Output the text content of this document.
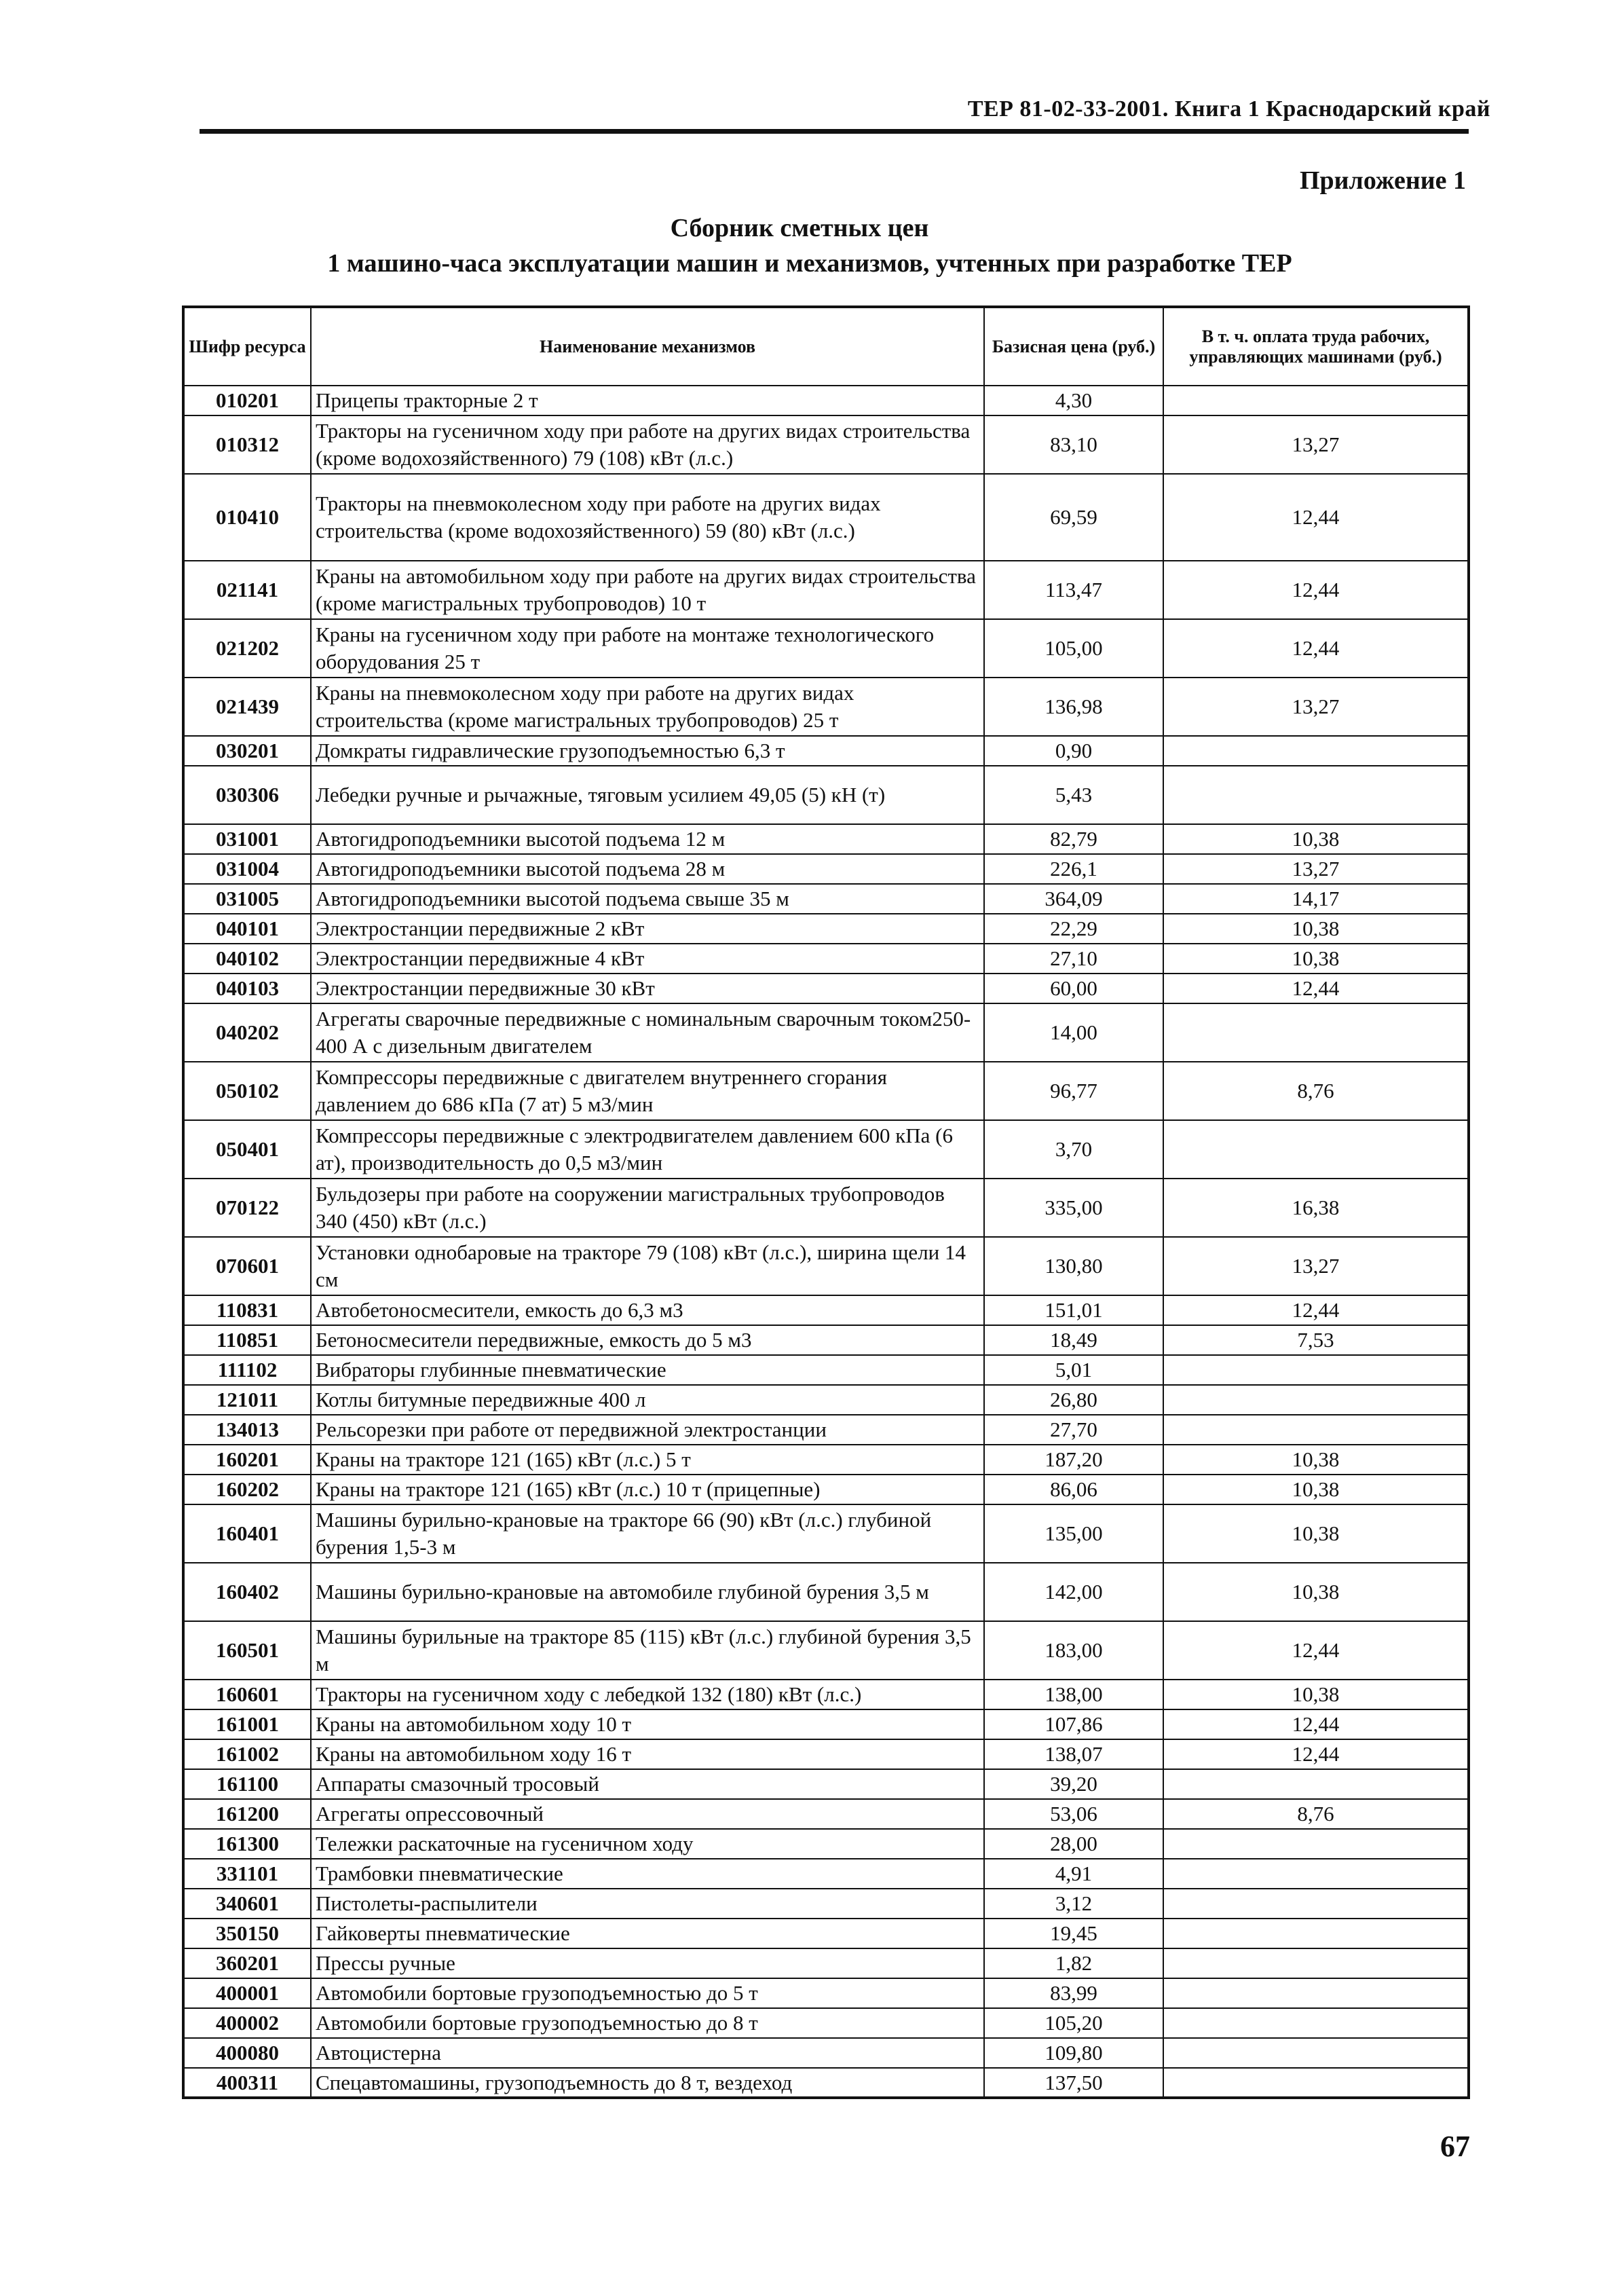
ТЕР 81-02-33-2001. Книга 1 Краснодарский край
Приложение 1
Сборник сметных цен
1 машино-часа эксплуатации машин и механизмов, учтенных при разработке ТЕР
Шифр ресурса	Наименование механизмов	Базисная цена (руб.)	В т. ч. оплата труда рабочих, управляющих машинами (руб.)
010201	Прицепы тракторные 2 т	4,30	
010312	Тракторы на гусеничном ходу при работе на других видах строительства (кроме водохозяйственного) 79 (108) кВт (л.с.)	83,10	13,27
010410	Тракторы на пневмоколесном ходу при работе на других видах строительства (кроме водохозяйственного) 59 (80) кВт (л.с.)	69,59	12,44
021141	Краны на автомобильном ходу при работе на других видах строительства (кроме магистральных трубопроводов) 10 т	113,47	12,44
021202	Краны на гусеничном ходу при работе на монтаже технологического оборудования 25 т	105,00	12,44
021439	Краны на пневмоколесном ходу при работе на других видах строительства (кроме магистральных трубопроводов) 25 т	136,98	13,27
030201	Домкраты гидравлические грузоподъемностью 6,3 т	0,90	
030306	Лебедки ручные и рычажные, тяговым усилием 49,05 (5) кН (т)	5,43	
031001	Автогидроподъемники высотой подъема 12 м	82,79	10,38
031004	Автогидроподъемники высотой подъема 28 м	226,1	13,27
031005	Автогидроподъемники высотой подъема свыше 35 м	364,09	14,17
040101	Электростанции передвижные 2 кВт	22,29	10,38
040102	Электростанции передвижные 4 кВт	27,10	10,38
040103	Электростанции передвижные 30 кВт	60,00	12,44
040202	Агрегаты сварочные передвижные с номинальным сварочным током250-400 А с дизельным двигателем	14,00	
050102	Компрессоры передвижные с двигателем внутреннего сгорания давлением до 686 кПа (7 ат) 5 м3/мин	96,77	8,76
050401	Компрессоры передвижные с электродвигателем давлением 600 кПа (6 ат), производительность до 0,5 м3/мин	3,70	
070122	Бульдозеры при работе на сооружении магистральных трубопроводов 340 (450) кВт (л.с.)	335,00	16,38
070601	Установки однобаровые на тракторе 79 (108) кВт (л.с.), ширина щели 14 см	130,80	13,27
110831	Автобетоносмесители, емкость до 6,3 м3	151,01	12,44
110851	Бетоносмесители передвижные, емкость до 5 м3	18,49	7,53
111102	Вибраторы глубинные пневматические	5,01	
121011	Котлы битумные передвижные 400 л	26,80	
134013	Рельсорезки при работе от передвижной электростанции	27,70	
160201	Краны на тракторе 121 (165) кВт (л.с.) 5 т	187,20	10,38
160202	Краны на тракторе 121 (165) кВт (л.с.) 10 т (прицепные)	86,06	10,38
160401	Машины бурильно-крановые на тракторе 66 (90) кВт (л.с.) глубиной бурения 1,5-3 м	135,00	10,38
160402	Машины бурильно-крановые на автомобиле глубиной бурения 3,5 м	142,00	10,38
160501	Машины бурильные на тракторе 85 (115) кВт (л.с.) глубиной бурения 3,5 м	183,00	12,44
160601	Тракторы на гусеничном ходу с лебедкой 132 (180) кВт (л.с.)	138,00	10,38
161001	Краны на автомобильном ходу 10 т	107,86	12,44
161002	Краны на автомобильном ходу 16 т	138,07	12,44
161100	Аппараты смазочный тросовый	39,20	
161200	Агрегаты опрессовочный	53,06	8,76
161300	Тележки раскаточные на гусеничном ходу	28,00	
331101	Трамбовки пневматические	4,91	
340601	Пистолеты-распылители	3,12	
350150	Гайковерты пневматические	19,45	
360201	Прессы ручные	1,82	
400001	Автомобили бортовые грузоподъемностью до 5 т	83,99	
400002	Автомобили бортовые грузоподъемностью до 8 т	105,20	
400080	Автоцистерна	109,80	
400311	Спецавтомашины, грузоподъемность до 8 т, вездеход	137,50	
67
